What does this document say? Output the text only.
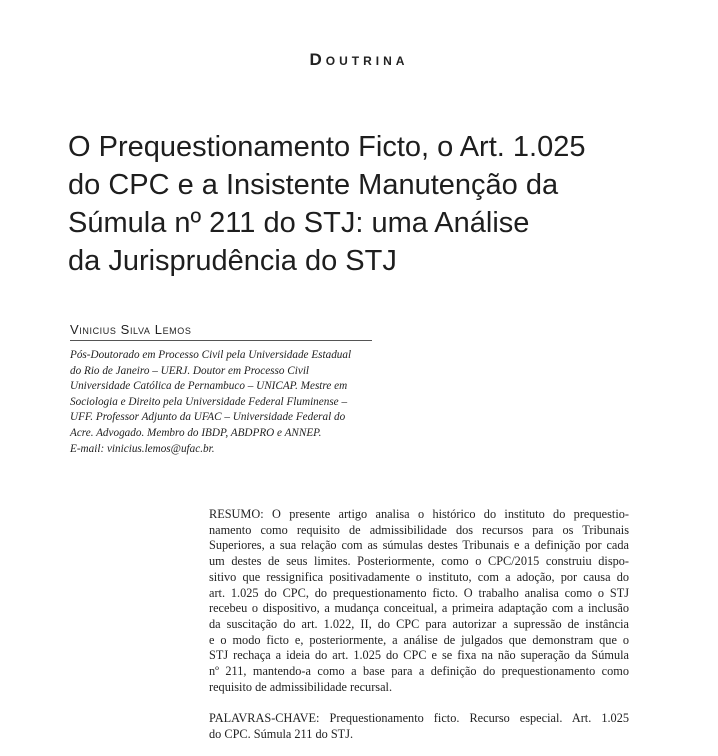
Doutrina
O Prequestionamento Ficto, o Art. 1.025
do CPC e a Insistente Manutenção da
Súmula nº 211 do STJ: uma Análise
da Jurisprudência do STJ
Vinicius Silva Lemos
Pós-Doutorado em Processo Civil pela Universidade Estadual
do Rio de Janeiro – UERJ. Doutor em Processo Civil
Universidade Católica de Pernambuco – UNICAP. Mestre em
Sociologia e Direito pela Universidade Federal Fluminense –
UFF. Professor Adjunto da UFAC – Universidade Federal do
Acre. Advogado. Membro do IBDP, ABDPRO e ANNEP.
E-mail: vinicius.lemos@ufac.br.
RESUMO: O presente artigo analisa o histórico do instituto do prequestio-
namento como requisito de admissibilidade dos recursos para os Tribunais
Superiores, a sua relação com as súmulas destes Tribunais e a definição por cada
um destes de seus limites. Posteriormente, como o CPC/2015 construiu dispo-
sitivo que ressignifica positivadamente o instituto, com a adoção, por causa do
art. 1.025 do CPC, do prequestionamento ficto. O trabalho analisa como o STJ
recebeu o dispositivo, a mudança conceitual, a primeira adaptação com a inclusão
da suscitação do art. 1.022, II, do CPC para autorizar a supressão de instância
e o modo ficto e, posteriormente, a análise de julgados que demonstram que o
STJ rechaça a ideia do art. 1.025 do CPC e se fixa na não superação da Súmula
nº 211, mantendo-a como a base para a definição do prequestionamento como
requisito de admissibilidade recursal.
PALAVRAS-CHAVE: Prequestionamento ficto. Recurso especial. Art. 1.025
do CPC. Súmula 211 do STJ.
